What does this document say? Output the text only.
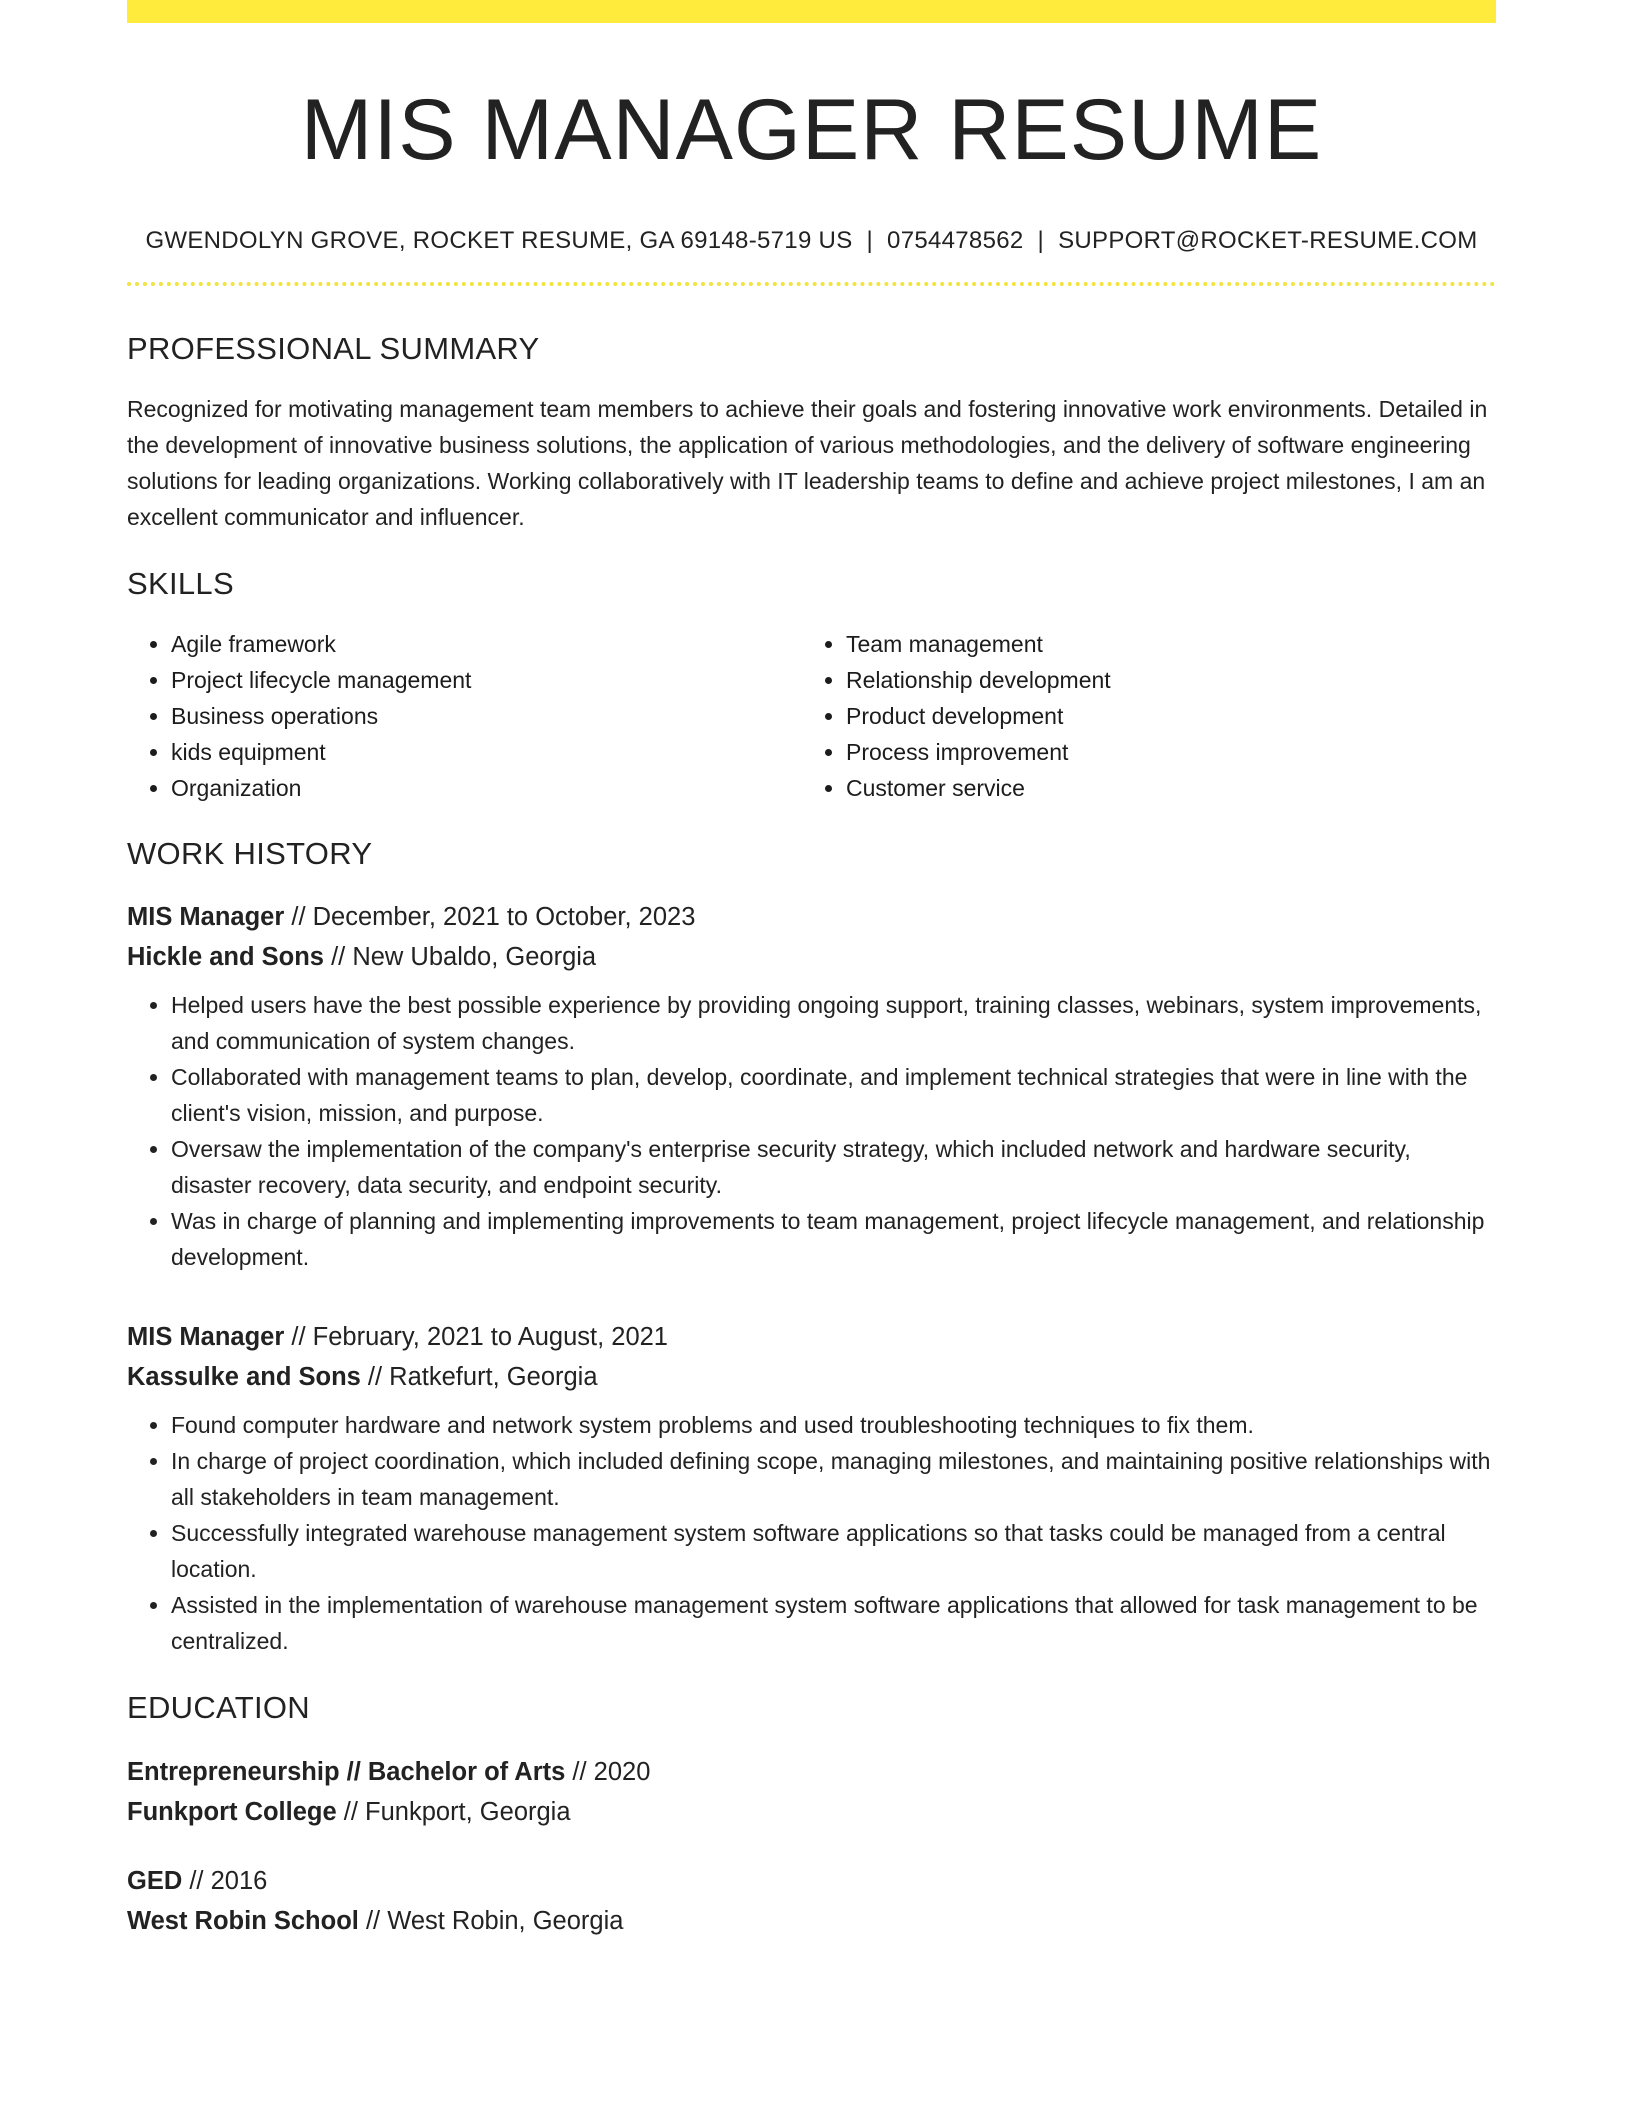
MIS MANAGER RESUME
GWENDOLYN GROVE, ROCKET RESUME, GA 69148-5719 US | 0754478562 | SUPPORT@ROCKET-RESUME.COM
PROFESSIONAL SUMMARY

Recognized for motivating management team members to achieve their goals and fostering innovative work environments. Detailed in the development of innovative business solutions, the application of various methodologies, and the delivery of software engineering solutions for leading organizations. Working collaboratively with IT leadership teams to define and achieve project milestones, I am an excellent communicator and influencer.

SKILLS
• Agile framework
• Project lifecycle management
• Business operations
• kids equipment
• Organization
• Team management
• Relationship development
• Product development
• Process improvement
• Customer service
WORK HISTORY
MIS Manager // December, 2021 to October, 2023
Hickle and Sons // New Ubaldo, Georgia
• Helped users have the best possible experience by providing ongoing support, training classes, webinars, system improvements, and communication of system changes.
• Collaborated with management teams to plan, develop, coordinate, and implement technical strategies that were in line with the client's vision, mission, and purpose.
• Oversaw the implementation of the company's enterprise security strategy, which included network and hardware security, disaster recovery, data security, and endpoint security.
• Was in charge of planning and implementing improvements to team management, project lifecycle management, and relationship development.
MIS Manager // February, 2021 to August, 2021
Kassulke and Sons // Ratkefurt, Georgia
• Found computer hardware and network system problems and used troubleshooting techniques to fix them.
• In charge of project coordination, which included defining scope, managing milestones, and maintaining positive relationships with all stakeholders in team management.
• Successfully integrated warehouse management system software applications so that tasks could be managed from a central location.
• Assisted in the implementation of warehouse management system software applications that allowed for task management to be centralized.
EDUCATION
Entrepreneurship // Bachelor of Arts // 2020
Funkport College // Funkport, Georgia
GED // 2016
West Robin School // West Robin, Georgia
